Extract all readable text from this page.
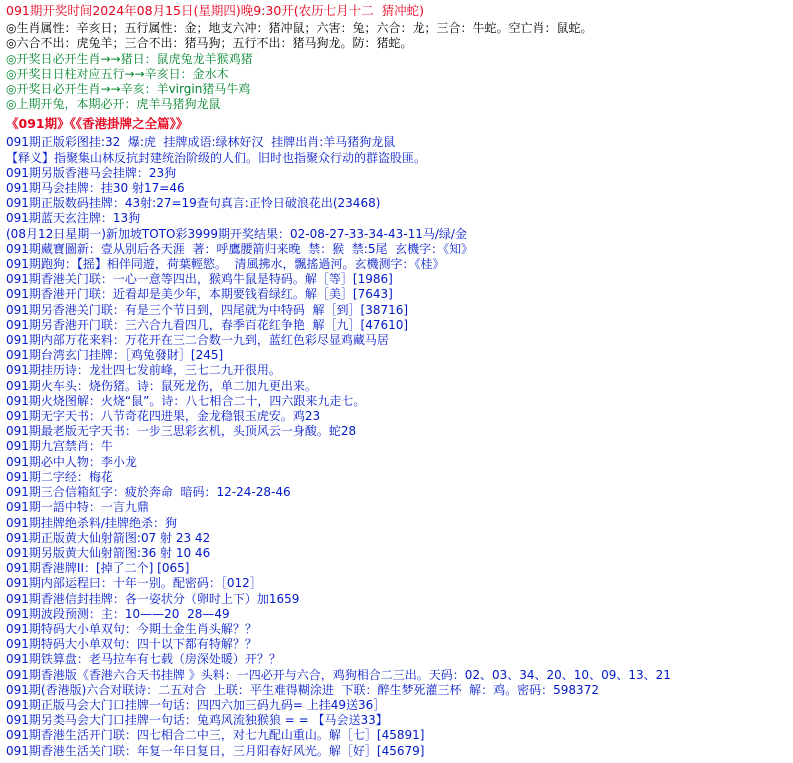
091期开奖时间2024年08月15日(星期四)晚9:30开(农历七月十二  猜冲蛇)
◎生肖属性：辛亥日；五行属性：金；地支六冲：猪冲鼠；六害：兔；六合：龙；三合：牛蛇。空亡肖：鼠蛇。
◎六合不出：虎兔羊；三合不出：猪马狗；五行不出：猪马狗龙。防：猪蛇。
◎开奖日必开生肖→→猪日：鼠虎兔龙羊猴鸡猪
◎开奖日日柱对应五行→→辛亥日：金水木
◎开奖日必开生肖→→辛亥：羊virgin猪马牛鸡
◎上期开兔，本期必开：虎羊马猪狗龙鼠
《091期》《《香港掛牌之全篇》》
091期正版彩图挂:32  爆:虎  挂牌成语:绿林好汉  挂牌出肖:羊马猪狗龙鼠
【释义】指聚集山林反抗封建统治阶级的人们。旧时也指聚众行动的群盗股匪。
091期另版香港马会挂牌：23狗
091期马会挂牌：挂30 射17=46
091期正版数码挂牌：43射:27=19查句真言:正怜日破浪花出(23468)
091期蓝天玄注牌：13狗
(08月12日星期一)新加坡TOTO彩3999期开奖结果：02-08-27-33-34-43-11马/绿/金
091期藏寶圖新：壹从别后各天涯  著：呼鷹腰箭归来晚  禁：猴  禁:5尾  玄機字：《知》
091期跑狗：【摇】相伴同遊，荷葉輕慾。  清風拂水，飄搖過河。玄機测字：《桂》
091期香港关门联：一心一意等四出，猴鸡牛鼠是特码。解［等］[1986]
091期香港开门联：近看却是美少年，本期要钱看绿红。解［美］[7643]
091期另香港关门联：有是三个节日到，四尾就为中特码  解［到］[38716]
091期另香港开门联：三六合九看四几，春季百花红争艳  解［九］[47610]
091期内部万花来料：万花开在三二合数一九到，蓝红色彩尽显鸡藏马居
091期台湾玄门挂牌：［鸡兔發財］[245]
091期挂历诗：龙壮四七发前峰，三七二九开很用。
091期火车头：烧伤猪。诗：鼠死龙伤，单二加九更出来。
091期火烧图解：火烧“鼠”。诗：八七相合二十，四六跟来九走七。
091期无字天书：八节奇花四进果，金龙稳银玉虎安。鸡23
091期最老版无字天书：一步三思彩玄机，头顶风云一身酸。蛇28
091期九宫禁肖：牛
091期必中人物：李小龙
091期二字经：梅花
091期三合信箱紅字：疲於奔命  暗码：12-24-28-46
091期一語中特：一言九鼎
091期挂牌绝杀料/挂牌绝杀：狗
091期正版黄大仙射箭图:07 射 23 42
091期另版黄大仙射箭图:36 射 10 46
091期香港牌II：[掉了二个] [065]
091期内部运程曰：十年一别。配密码：［012］
091期香港信封挂牌：各一姿状分（卵时上下）加1659
091期波段预测：主：10——20  28—49
091期特码大小单双句：今期土金生肖头解？？
091期特码大小单双句：四十以下都有特解？？
091期铁算盘：老马拉车有七载（房深处暖）开？？
091期香港版《香港六合天书挂牌 》头料：一四必开与六合，鸡狗相合二三出。天码：02、03、34、20、10、09、13、21
091期(香港版)六合对联诗：二五对合  上联：平生难得糊涂进  下联：醉生梦死灌三杯  解：鸡。密码：598372
091期正版马会大门口挂牌一句话：四四六加三码九码= 上挂49送36］
091期另类马会大门口挂牌一句话：兔鸡风流独猴狼 = = 【马会送33】
091期香港生活开门联：四七相合二中三，对七九配山重山。解［七］[45891]
091期香港生活关门联：年复一年日复日，三月阳春好风光。解［好］[45679]
